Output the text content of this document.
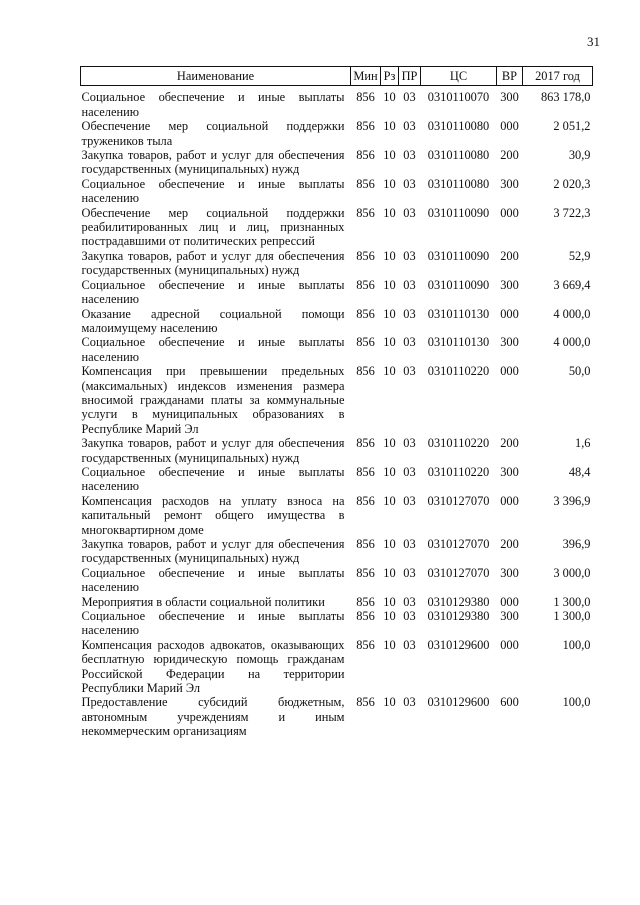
31
Наименование	Мин	Рз	ПР	ЦС	ВР	2017 год
Социальное обеспечение и иные выплаты населению	856	10	03	0310110070	300	863 178,0
Обеспечение мер социальной поддержки тружеников тыла	856	10	03	0310110080	000	2 051,2
Закупка товаров, работ и услуг для обеспечения государственных (муниципальных) нужд	856	10	03	0310110080	200	30,9
Социальное обеспечение и иные выплаты населению	856	10	03	0310110080	300	2 020,3
Обеспечение мер социальной поддержки реабилитированных лиц и лиц, признанных пострадавшими от политических репрессий	856	10	03	0310110090	000	3 722,3
Закупка товаров, работ и услуг для обеспечения государственных (муниципальных) нужд	856	10	03	0310110090	200	52,9
Социальное обеспечение и иные выплаты населению	856	10	03	0310110090	300	3 669,4
Оказание адресной социальной помощи малоимущему населению	856	10	03	0310110130	000	4 000,0
Социальное обеспечение и иные выплаты населению	856	10	03	0310110130	300	4 000,0
Компенсация при превышении предельных (максимальных) индексов изменения размера вносимой гражданами платы за коммунальные услуги в муниципальных образованиях в Республике Марий Эл	856	10	03	0310110220	000	50,0
Закупка товаров, работ и услуг для обеспечения государственных (муниципальных) нужд	856	10	03	0310110220	200	1,6
Социальное обеспечение и иные выплаты населению	856	10	03	0310110220	300	48,4
Компенсация расходов на уплату взноса на капитальный ремонт общего имущества в многоквартирном доме	856	10	03	0310127070	000	3 396,9
Закупка товаров, работ и услуг для обеспечения государственных (муниципальных) нужд	856	10	03	0310127070	200	396,9
Социальное обеспечение и иные выплаты населению	856	10	03	0310127070	300	3 000,0
Мероприятия в области социальной политики	856	10	03	0310129380	000	1 300,0
Социальное обеспечение и иные выплаты населению	856	10	03	0310129380	300	1 300,0
Компенсация расходов адвокатов, оказывающих бесплатную юридическую помощь гражданам Российской Федерации на территории Республики Марий Эл	856	10	03	0310129600	000	100,0
Предоставление субсидий бюджетным, автономным учреждениям и иным некоммерческим организациям	856	10	03	0310129600	600	100,0
